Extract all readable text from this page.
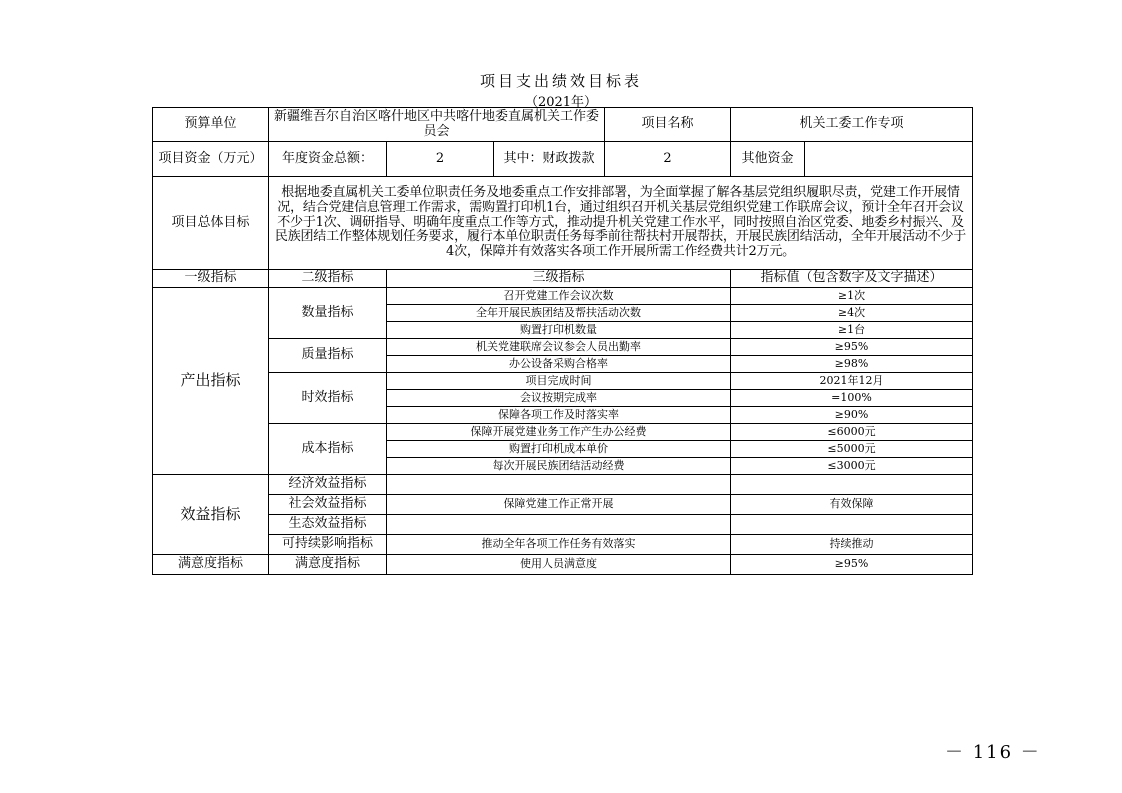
项目支出绩效目标表
（2021年）
预算单位	新疆维吾尔自治区喀什地区中共喀什地委直属机关工作委员会			项目名称	机关工委工作专项	
项目资金（万元）	年度资金总额：	2	其中：财政拨款	2	其他资金	
项目总体目标	根据地委直属机关工委单位职责任务及地委重点工作安排部署，为全面掌握了解各基层党组织履职尽责，党建工作开展情况，结合党建信息管理工作需求，需购置打印机1台，通过组织召开机关基层党组织党建工作联席会议，预计全年召开会议不少于1次、调研指导、明确年度重点工作等方式，推动提升机关党建工作水平，同时按照自治区党委、地委乡村振兴、及民族团结工作整体规划任务要求，履行本单位职责任务每季前往帮扶村开展帮扶，开展民族团结活动，全年开展活动不少于4次，保障并有效落实各项工作开展所需工作经费共计2万元。					
一级指标	二级指标	三级指标			指标值（包含数字及文字描述）	
产出指标	数量指标	召开党建工作会议次数			≥1次	
		全年开展民族团结及帮扶活动次数			≥4次	
		购置打印机数量			≥1台	
	质量指标	机关党建联席会议参会人员出勤率			≥95%	
		办公设备采购合格率			≥98%	
	时效指标	项目完成时间			2021年12月	
		会议按期完成率			=100%	
		保障各项工作及时落实率			≥90%	
	成本指标	保障开展党建业务工作产生办公经费			≤6000元	
		购置打印机成本单价			≤5000元	
		每次开展民族团结活动经费			≤3000元	
效益指标	经济效益指标					
	社会效益指标	保障党建工作正常开展			有效保障	
	生态效益指标					
	可持续影响指标	推动全年各项工作任务有效落实			持续推动	
满意度指标	满意度指标	使用人员满意度			≥95%	
－ 116 －
